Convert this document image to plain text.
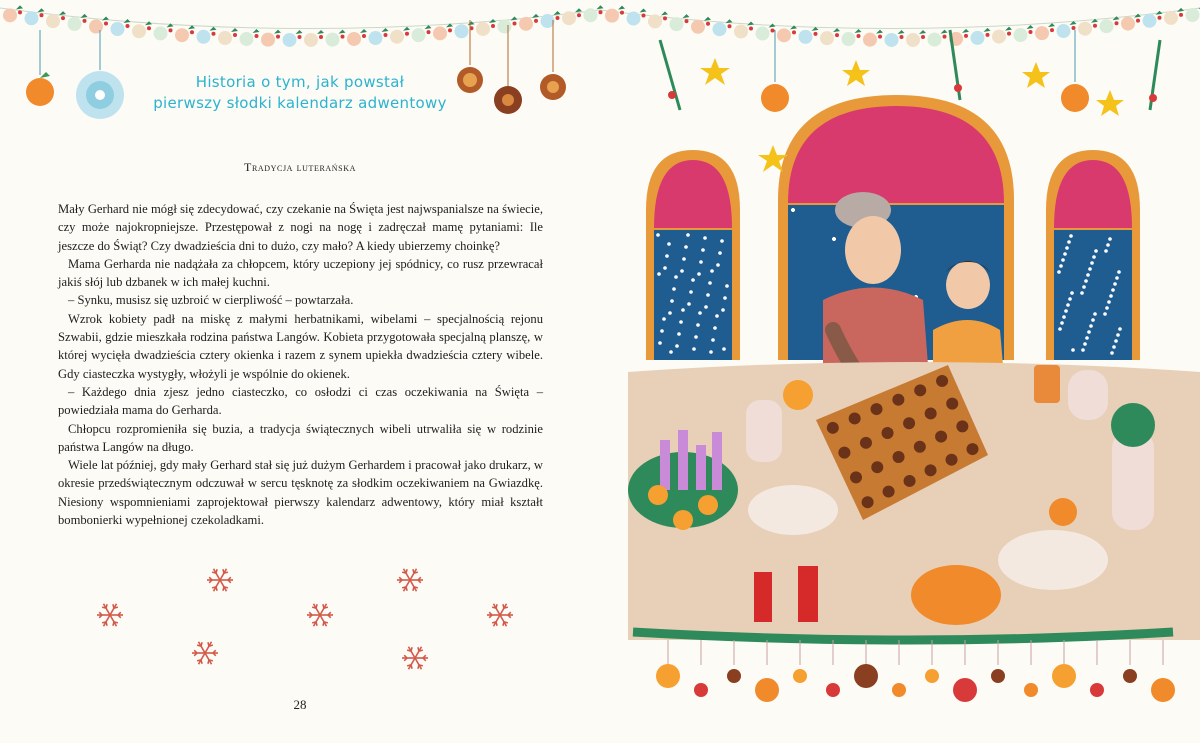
Historia o tym, jak powstał
pierwszy słodki kalendarz adwentowy
Tradycja luterańska

Mały Gerhard nie mógł się zdecydować, czy czekanie na Święta jest najwspanialsze na świecie, czy może najokropniejsze. Przestępował z nogi na nogę i zadręczał mamę pytaniami: Ile jeszcze do Świąt? Czy dwadzieścia dni to dużo, czy mało? A kiedy ubierzemy choinkę?

Mama Gerharda nie nadążała za chłopcem, który uczepiony jej spódnicy, co rusz przewracał jakiś słój lub dzbanek w ich małej kuchni.

– Synku, musisz się uzbroić w cierpliwość – powtarzała.

Wzrok kobiety padł na miskę z małymi herbatnikami, wibelami – specjalnością rejonu Szwabii, gdzie mieszkała rodzina państwa Langów. Kobieta przygotowała specjalną planszę, w której wycięła dwadzieścia cztery okienka i razem z synem upiekła dwadzieścia cztery wibele. Gdy ciasteczka wystygły, włożyli je wspólnie do okienek.

– Każdego dnia zjesz jedno ciasteczko, co osłodzi ci czas oczekiwania na Święta – powiedziała mama do Gerharda.

Chłopcu rozpromieniła się buzia, a tradycja świątecznych wibeli utrwaliła się w rodzinie państwa Langów na długo.

Wiele lat później, gdy mały Gerhard stał się już dużym Gerhardem i pracował jako drukarz, w okresie przedświątecznym odczuwał w sercu tęsknotę za słodkim oczekiwaniem na Gwiazdkę. Niesiony wspomnieniami zaprojektował pierwszy kalendarz adwentowy, który miał kształt bombonierki wypełnionej czekoladkami.

28
